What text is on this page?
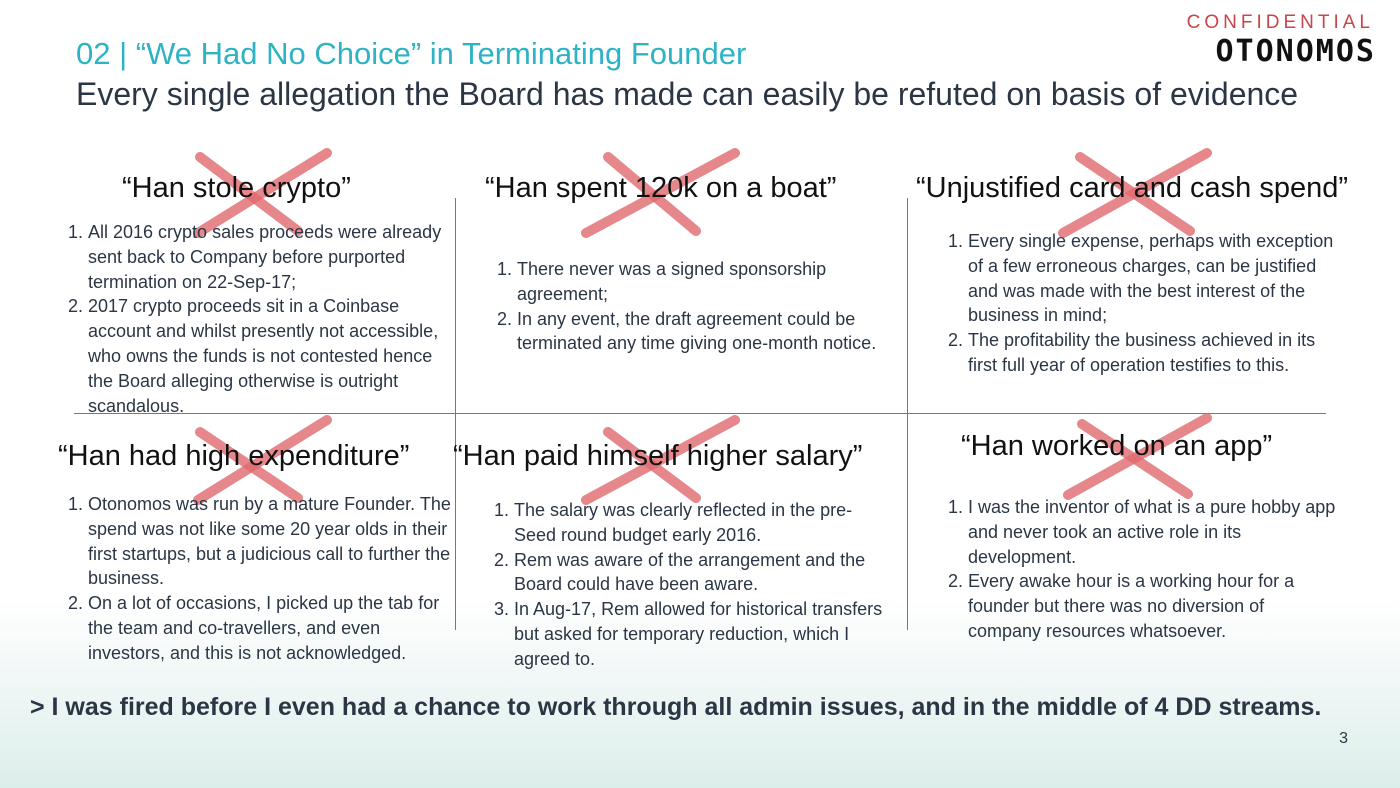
02 | “We Had No Choice” in Terminating Founder
Every single allegation the Board has made can easily be refuted on basis of evidence
CONFIDENTIAL
OTONOMOS
“Han stole crypto”
1. All 2016 crypto sales proceeds were already sent back to Company before purported termination on 22-Sep-17;
2. 2017 crypto proceeds sit in a Coinbase account and whilst presently not accessible, who owns the funds is not contested hence the Board alleging otherwise is outright scandalous.
“Han spent 120k on a boat”
1. There never was a signed sponsorship agreement;
2. In any event, the draft agreement could be terminated any time giving one-month notice.
“Unjustified card and cash spend”
1. Every single expense, perhaps with exception of a few erroneous charges, can be justified and was made with the best interest of the business in mind;
2. The profitability the business achieved in its first full year of operation testifies to this.
“Han had high expenditure”
1. Otonomos was run by a mature Founder. The spend was not like some 20 year olds in their first startups, but a judicious call to further the business.
2. On a lot of occasions, I picked up the tab for the team and co-travellers, and even investors, and this is not acknowledged.
“Han paid himself higher salary”
1. The salary was clearly reflected in the pre-Seed round budget early 2016.
2. Rem was aware of the arrangement and the Board could have been aware.
3. In Aug-17, Rem allowed for historical transfers but asked for temporary reduction, which I agreed to.
“Han worked on an app”
1. I was the inventor of what is a pure hobby app and never took an active role in its development.
2. Every awake hour is a working hour for a founder but there was no diversion of company resources whatsoever.
> I was fired before I even had a chance to work through all admin issues, and in the middle of 4 DD streams.
3
